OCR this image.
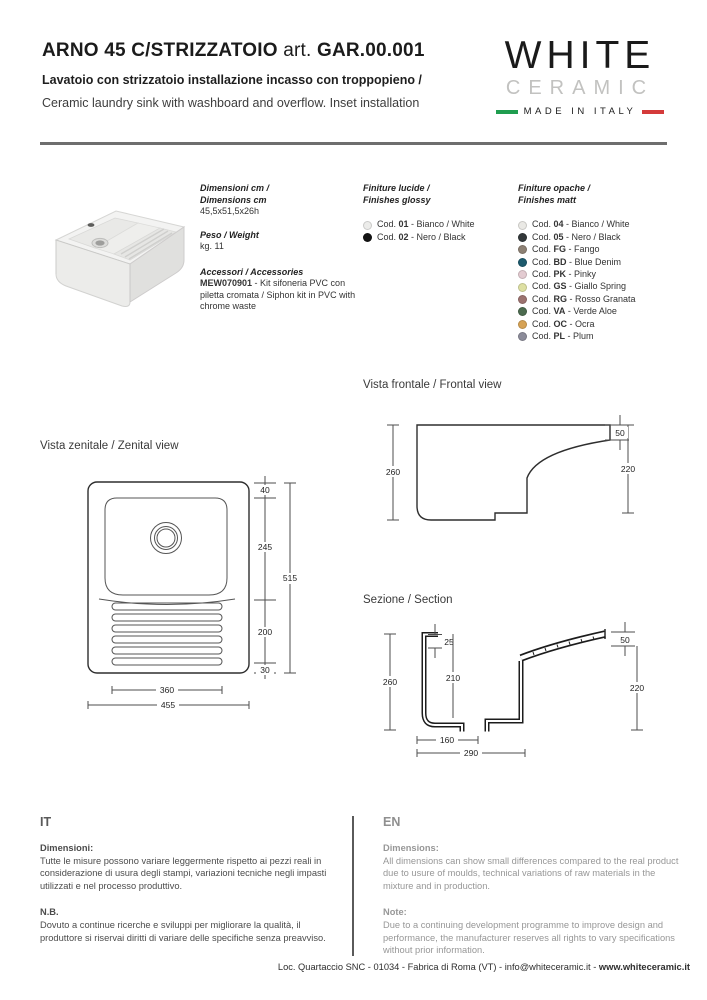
ARNO 45 C/STRIZZATOIO art. GAR.00.001
Lavatoio con strizzatoio installazione incasso con troppopieno /
Ceramic laundry sink with washboard and overflow. Inset installation
WHITE
CERAMIC
MADE IN ITALY
Dimensioni cm /
Dimensions cm
45,5x51,5x26h
Peso / Weight
kg. 11
Accessori / Accessories
MEW070901 - Kit sifoneria PVC con piletta cromata / Siphon kit in PVC with chrome waste
Finiture lucide /
Finishes glossy
Cod. 01 - Bianco / White
Cod. 02 - Nero / Black
Finiture opache /
Finishes matt
Cod. 04 - Bianco / White
Cod. 05 - Nero / Black
Cod. FG - Fango
Cod. BD - Blue Denim
Cod. PK - Pinky
Cod. GS - Giallo Spring
Cod. RG - Rosso Granata
Cod. VA - Verde Aloe
Cod. OC - Ocra
Cod. PL - Plum
Vista zenitale / Zenital view
40
245
200
30
515
360
455
Vista frontale / Frontal view
260	220
50
Sezione / Section
260
25
210
50
220
160
290
IT
Dimensioni:
Tutte le misure possono variare leggermente rispetto ai pezzi reali in considerazione di usura degli stampi, variazioni tecniche negli impasti utilizzati e nel processo produttivo.
N.B.
Dovuto a continue ricerche e sviluppi per migliorare la qualità, il produttore si riservai diritti di variare delle specifiche senza preavviso.
EN
Dimensions:
All dimensions can show small differences compared to the real product due to usure of moulds, technical variations of raw materials in the mixture and in production.
Note:
Due to a continuing development programme to improve design and performance, the manufacturer reserves all rights to vary specifications without prior information.
Loc. Quartaccio SNC - 01034 - Fabrica di Roma (VT) - info@whiteceramic.it - www.whiteceramic.it
